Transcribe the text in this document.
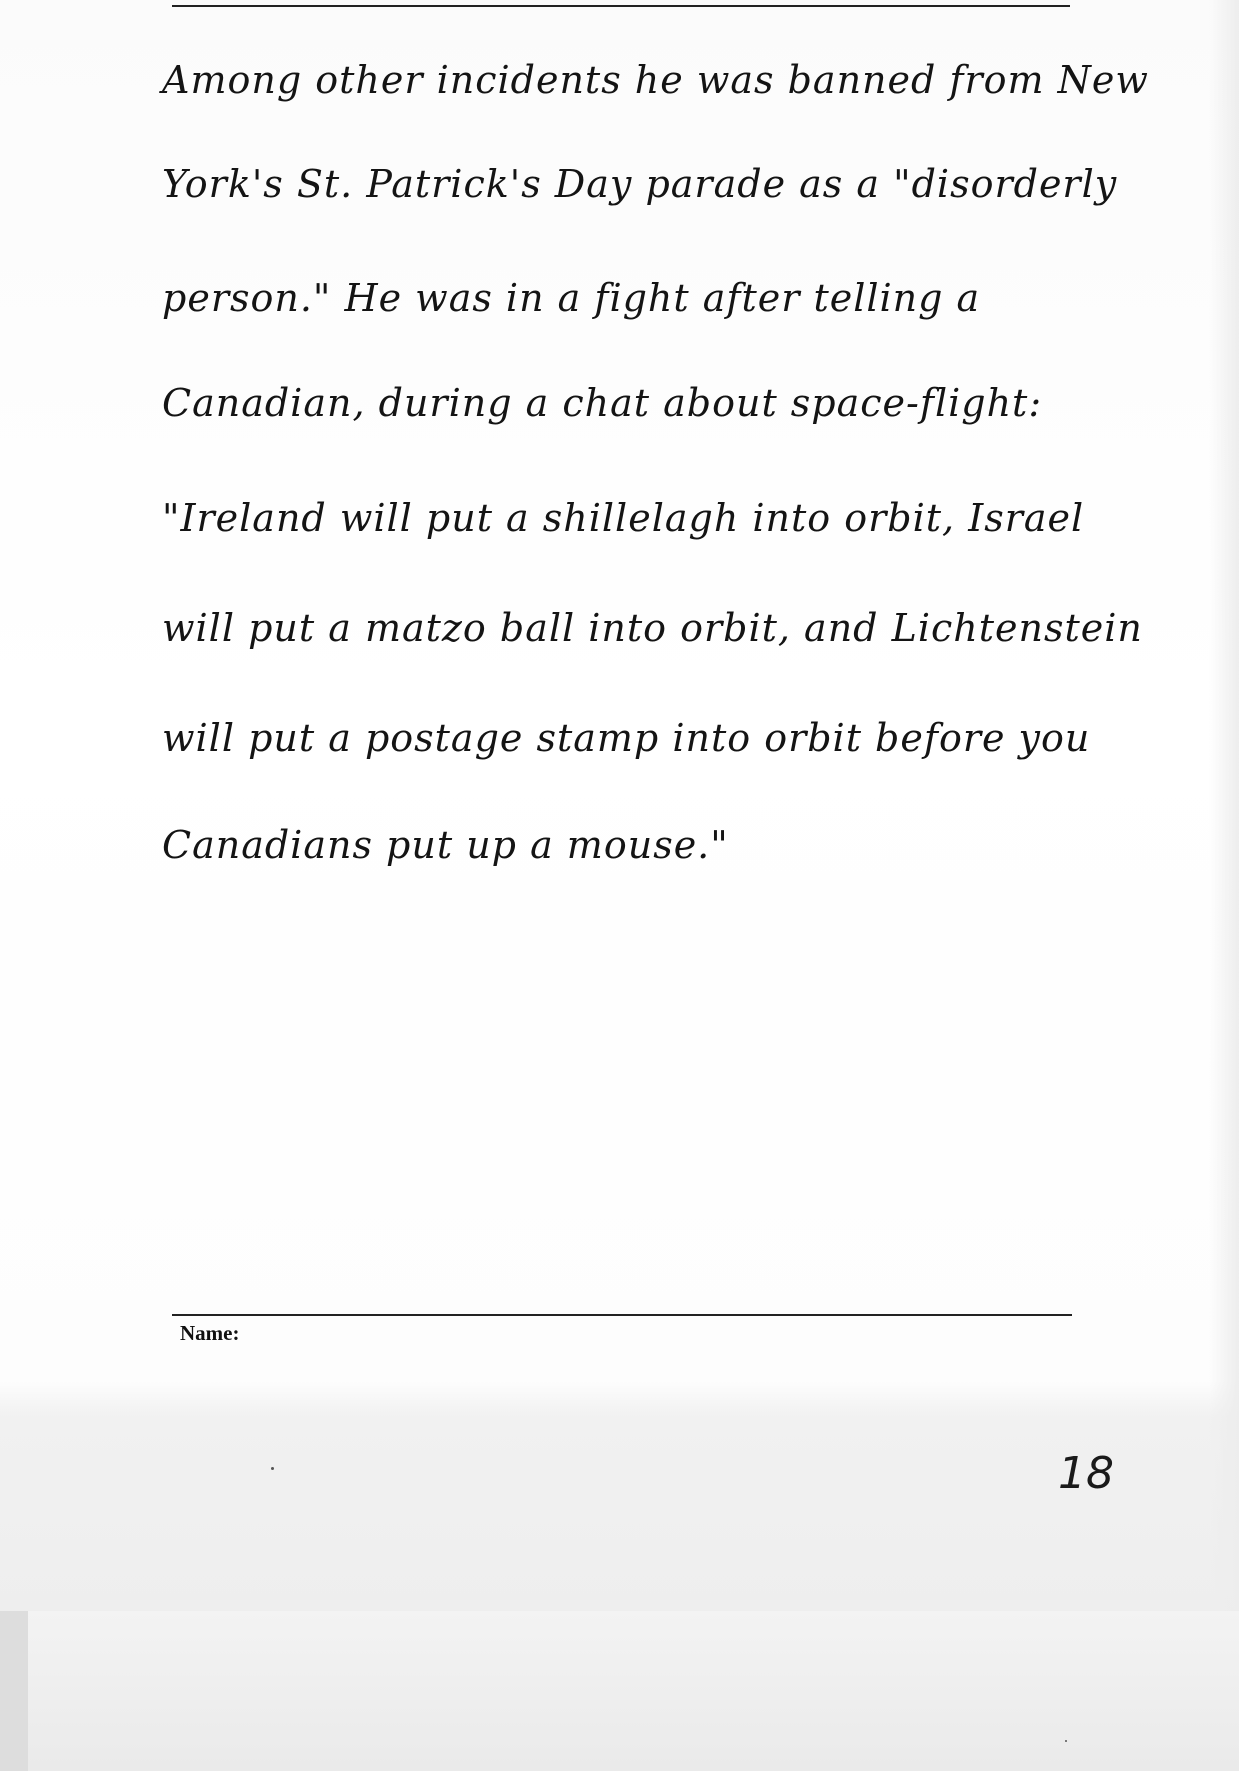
Among other incidents he was banned from New
York's St. Patrick's Day parade as a "disorderly
person." He was in a fight after telling a
Canadian, during a chat about space-flight:
"Ireland will put a shillelagh into orbit, Israel
will put a matzo ball into orbit, and Lichtenstein
will put a postage stamp into orbit before you
Canadians put up a mouse."
Name:
18
